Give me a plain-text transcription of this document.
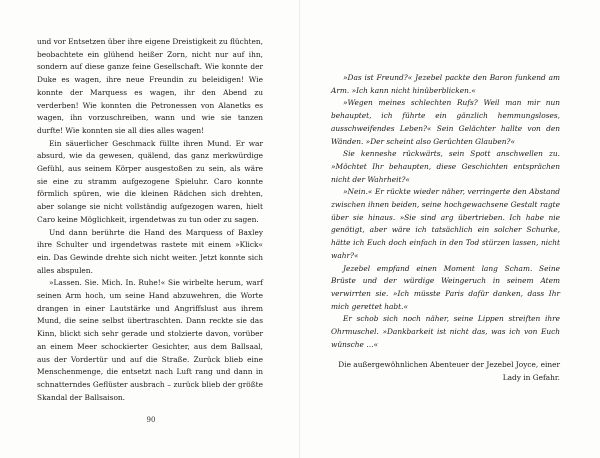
und vor Entsetzen über ihre eigene Dreistigkeit zu flüchten, beobachtete ein glühend heißer Zorn, nicht nur auf ihn, sondern auf diese ganze feine Gesellschaft. Wie konnte der Duke es wagen, ihre neue Freundin zu beleidigen! Wie konnte der Marquess es wagen, ihr den Abend zu verderben! Wie konnten die Petronessen von Alanetks es wagen, ihn vorzuschreiben, wann und wie sie tanzen durfte! Wie konnten sie all dies alles wagen!

Ein säuerlicher Geschmack füllte ihren Mund. Er war absurd, wie da gewesen, quälend, das ganz merkwürdige Gefühl, aus seinem Körper ausgestoßen zu sein, als wäre sie eine zu stramm aufgezogene Spieluhr. Caro konnte förmlich spüren, wie die kleinen Rädchen sich drehten, aber solange sie nicht vollständig aufgezogen waren, hielt Caro keine Möglichkeit, irgendetwas zu tun oder zu sagen.

Und dann berührte die Hand des Marquess of Baxley ihre Schulter und irgendetwas rastete mit einem »Klick« ein. Das Gewinde drehte sich nicht weiter. Jetzt konnte sich alles abspulen.

»Lassen. Sie. Mich. In. Ruhe!« Sie wirbelte herum, warf seinen Arm hoch, um seine Hand abzuwehren, die Worte drangen in einer Lautstärke und Angriffslust aus ihrem Mund, die seine selbst übertraschten. Dann reckte sie das Kinn, blickt sich sehr gerade und stolzierte davon, vorüber an einem Meer schockierter Gesichter, aus dem Ballsaal, aus der Vordertür und auf die Straße. Zurück blieb eine Menschenmenge, die entsetzt nach Luft rang und dann in schnatterndes Geflüster ausbrach – zurück blieb der größte Skandal der Ballsaison.

90

»Das ist Freund?« Jezebel packte den Baron funkend am Arm. »Ich kann nicht hinüberblicken.«

»Wegen meines schlechten Rufs? Weil man mir nun behauptet, ich führte ein gänzlich hemmungsloses, ausschweifendes Leben?« Sein Gelächter hallte von den Wänden. »Der scheint also Gerüchten Glauben?«

Sie kenneshe rückwärts, sein Spott anschwellen zu. »Möchtet Ihr behaupten, diese Geschichten entsprächen nicht der Wahrheit?«

»Nein.« Er rückte wieder näher, verringerte den Abstand zwischen ihnen beiden, seine hochgewachsene Gestalt ragte über sie hinaus. »Sie sind arg übertrieben. Ich habe nie genötigt, aber wäre ich tatsächlich ein solcher Schurke, hätte ich Euch doch einfach in den Tod stürzen lassen, nicht wahr?«

Jezebel empfand einen Moment lang Scham. Seine Brüste und der würdige Weingeruch in seinem Atem verwirrten sie. »Ich müsste Paris dafür danken, dass Ihr mich gerettet habt.«

Er schob sich noch näher, seine Lippen streiften ihre Ohrmuschel. »Dankbarkeit ist nicht das, was ich von Euch wünsche …«

Die außergewöhnlichen Abenteuer der Jezebel Joyce, einer Lady in Gefahr.
